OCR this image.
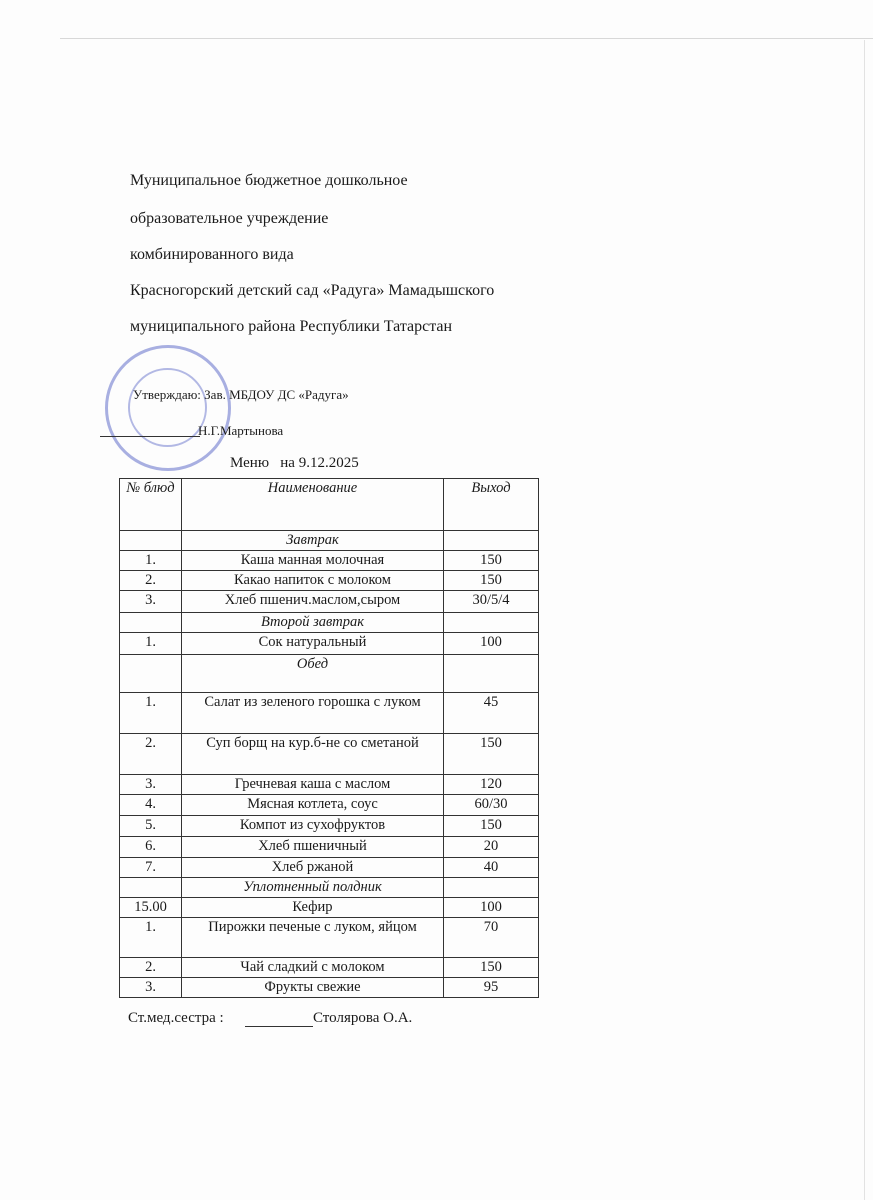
Муниципальное бюджетное дошкольное
образовательное учреждение
комбинированного вида
Красногорский детский сад «Радуга» Мамадышского
муниципального района Республики Татарстан
Утверждаю: Зав. МБДОУ ДС «Радуга»
Н.Г.Мартынова
Меню   на 9.12.2025
№ блюд	Наименование	Выход
	Завтрак	
1.	Каша манная молочная	150
2.	Какао напиток с молоком	150
3.	Хлеб пшенич.маслом,сыром	30/5/4
	Второй завтрак	
1.	Сок натуральный	100
	Обед	
1.	Салат из зеленого горошка с луком	45
2.	Суп борщ на кур.б-не со сметаной	150
3.	Гречневая каша с маслом	120
4.	Мясная котлета, соус	60/30
5.	Компот из сухофруктов	150
6.	Хлеб пшеничный	20
7.	Хлеб ржаной	40
	Уплотненный полдник	
15.00	Кефир	100
1.	Пирожки печеные с луком, яйцом	70
2.	Чай сладкий с молоком	150
3.	Фрукты свежие	95
Ст.мед.сестра :	Столярова О.А.
